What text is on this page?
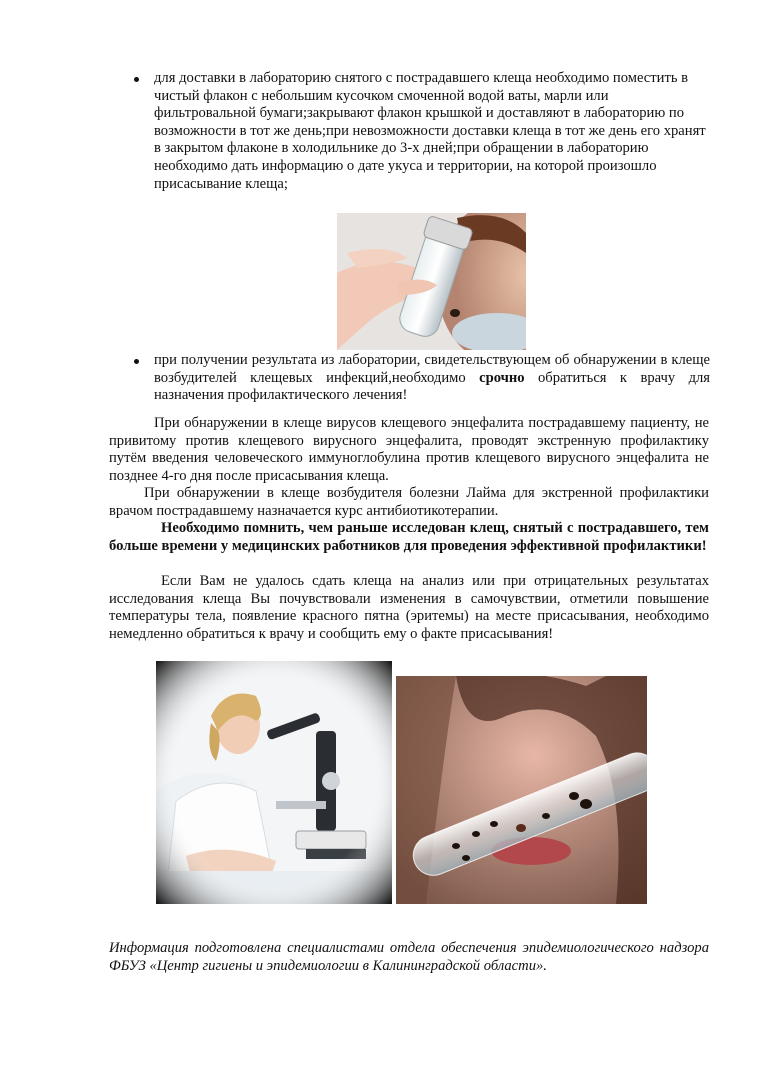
для доставки в лабораторию снятого с пострадавшего клеща необходимо поместить в чистый флакон с небольшим кусочком смоченной водой ваты, марли или фильтровальной бумаги;закрывают флакон крышкой и доставляют в лабораторию по возможности в тот же день;при невозможности доставки клеща в тот же день его хранят в закрытом флаконе в холодильнике до 3-х дней;при обращении в лабораторию необходимо дать информацию о дате укуса и территории, на которой произошло присасывание клеща;
при получении результата из лаборатории, свидетельствующем об обнаружении в клеще возбудителей клещевых инфекций,необходимо срочно обратиться к врачу для назначения профилактического лечения!
При обнаружении в клеще вирусов клещевого энцефалита пострадавшему пациенту, не привитому против клещевого вирусного энцефалита, проводят экстренную профилактику путём введения человеческого иммуноглобулина против клещевого вирусного энцефалита не позднее 4-го дня после присасывания клеща.
При обнаружении в клеще возбудителя болезни Лайма для экстренной профилактики врачом пострадавшему назначается курс антибиотикотерапии.
Необходимо помнить, чем раньше исследован клещ, снятый с пострадавшего, тем больше времени у медицинских работников для проведения эффективной профилактики!
Если Вам не удалось сдать клеща на анализ или при отрицательных результатах исследования клеща Вы почувствовали изменения в самочувствии, отметили повышение температуры тела, появление красного пятна (эритемы) на месте присасывания, необходимо немедленно обратиться к врачу и сообщить ему о факте присасывания!
Информация подготовлена специалистами отдела обеспечения эпидемиологического надзора ФБУЗ «Центр гигиены и эпидемиологии в Калининградской области».
